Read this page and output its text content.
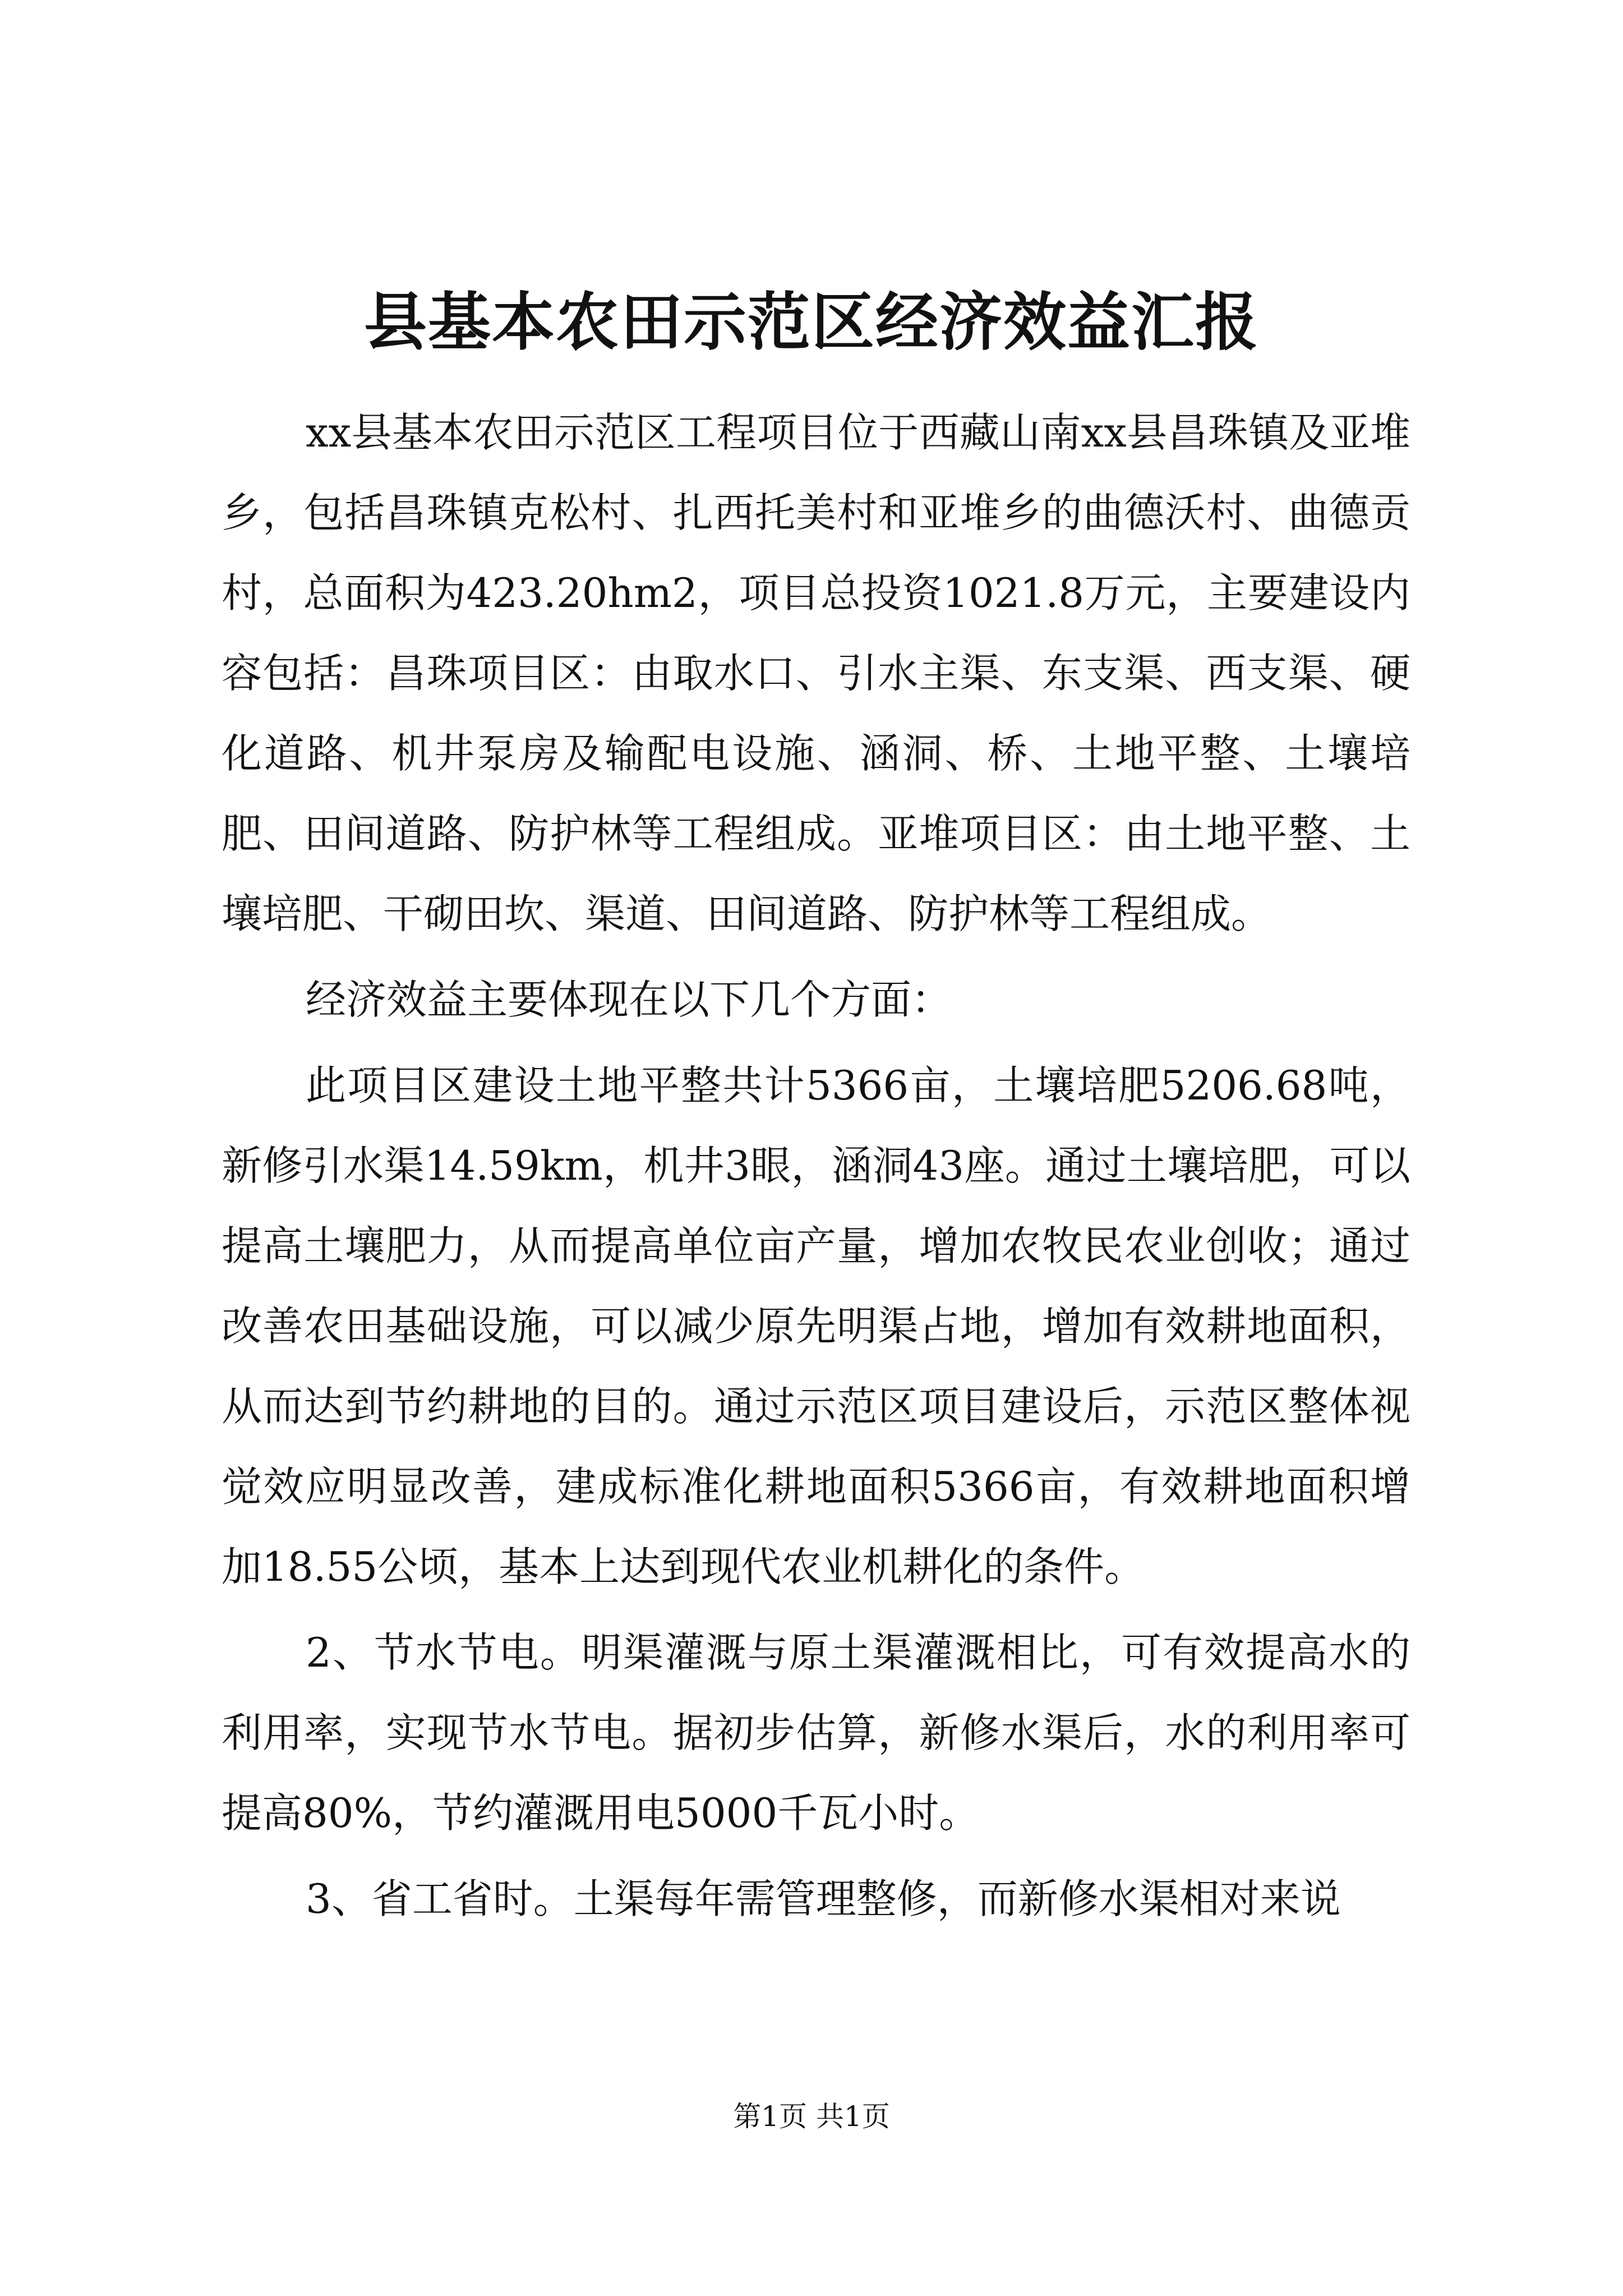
县基本农田示范区经济效益汇报

xx县基本农田示范区工程项目位于西藏山南xx县昌珠镇及亚堆乡，包括昌珠镇克松村、扎西托美村和亚堆乡的曲德沃村、曲德贡村，总面积为423.20hm2，项目总投资1021.8万元，主要建设内容包括：昌珠项目区：由取水口、引水主渠、东支渠、西支渠、硬化道路、机井泵房及输配电设施、涵洞、桥、土地平整、土壤培肥、田间道路、防护林等工程组成。亚堆项目区：由土地平整、土壤培肥、干砌田坎、渠道、田间道路、防护林等工程组成。

经济效益主要体现在以下几个方面：

此项目区建设土地平整共计5366亩，土壤培肥5206.68吨，新修引水渠14.59km，机井3眼，涵洞43座。通过土壤培肥，可以提高土壤肥力，从而提高单位亩产量，增加农牧民农业创收；通过改善农田基础设施，可以减少原先明渠占地，增加有效耕地面积，从而达到节约耕地的目的。通过示范区项目建设后，示范区整体视觉效应明显改善，建成标准化耕地面积5366亩，有效耕地面积增加18.55公顷，基本上达到现代农业机耕化的条件。

2、节水节电。明渠灌溉与原土渠灌溉相比，可有效提高水的利用率，实现节水节电。据初步估算，新修水渠后，水的利用率可提高80%，节约灌溉用电5000千瓦小时。

3、省工省时。土渠每年需管理整修，而新修水渠相对来说

第1页 共1页
